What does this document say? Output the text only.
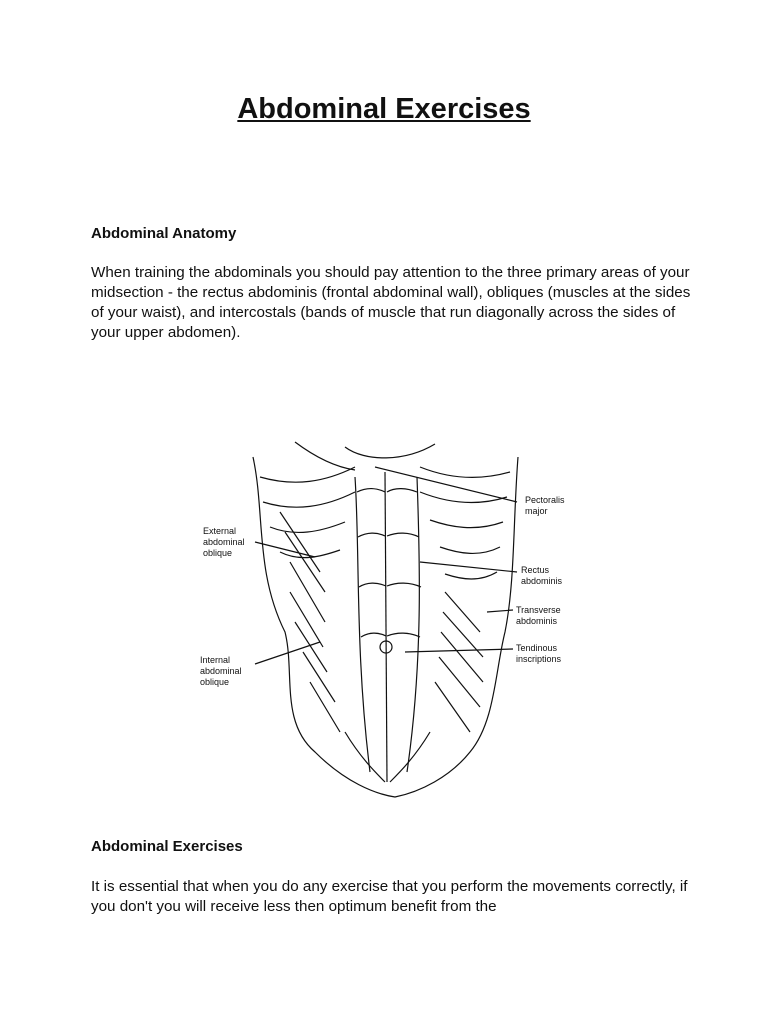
Abdominal Exercises
Abdominal Anatomy

When training the abdominals you should pay attention to the three primary areas of your midsection - the rectus abdominis (frontal abdominal wall), obliques (muscles at the sides of your waist), and intercostals (bands of muscle that run diagonally across the sides of your upper abdomen).

External
abdominal
oblique
Internal
abdominal
oblique
Pectoralis
major
Rectus
abdominis
Transverse
abdominis
Tendinous
inscriptions
Abdominal Exercises

It is essential that when you do any exercise that you perform the movements correctly, if you don't you will receive less then optimum benefit from the
